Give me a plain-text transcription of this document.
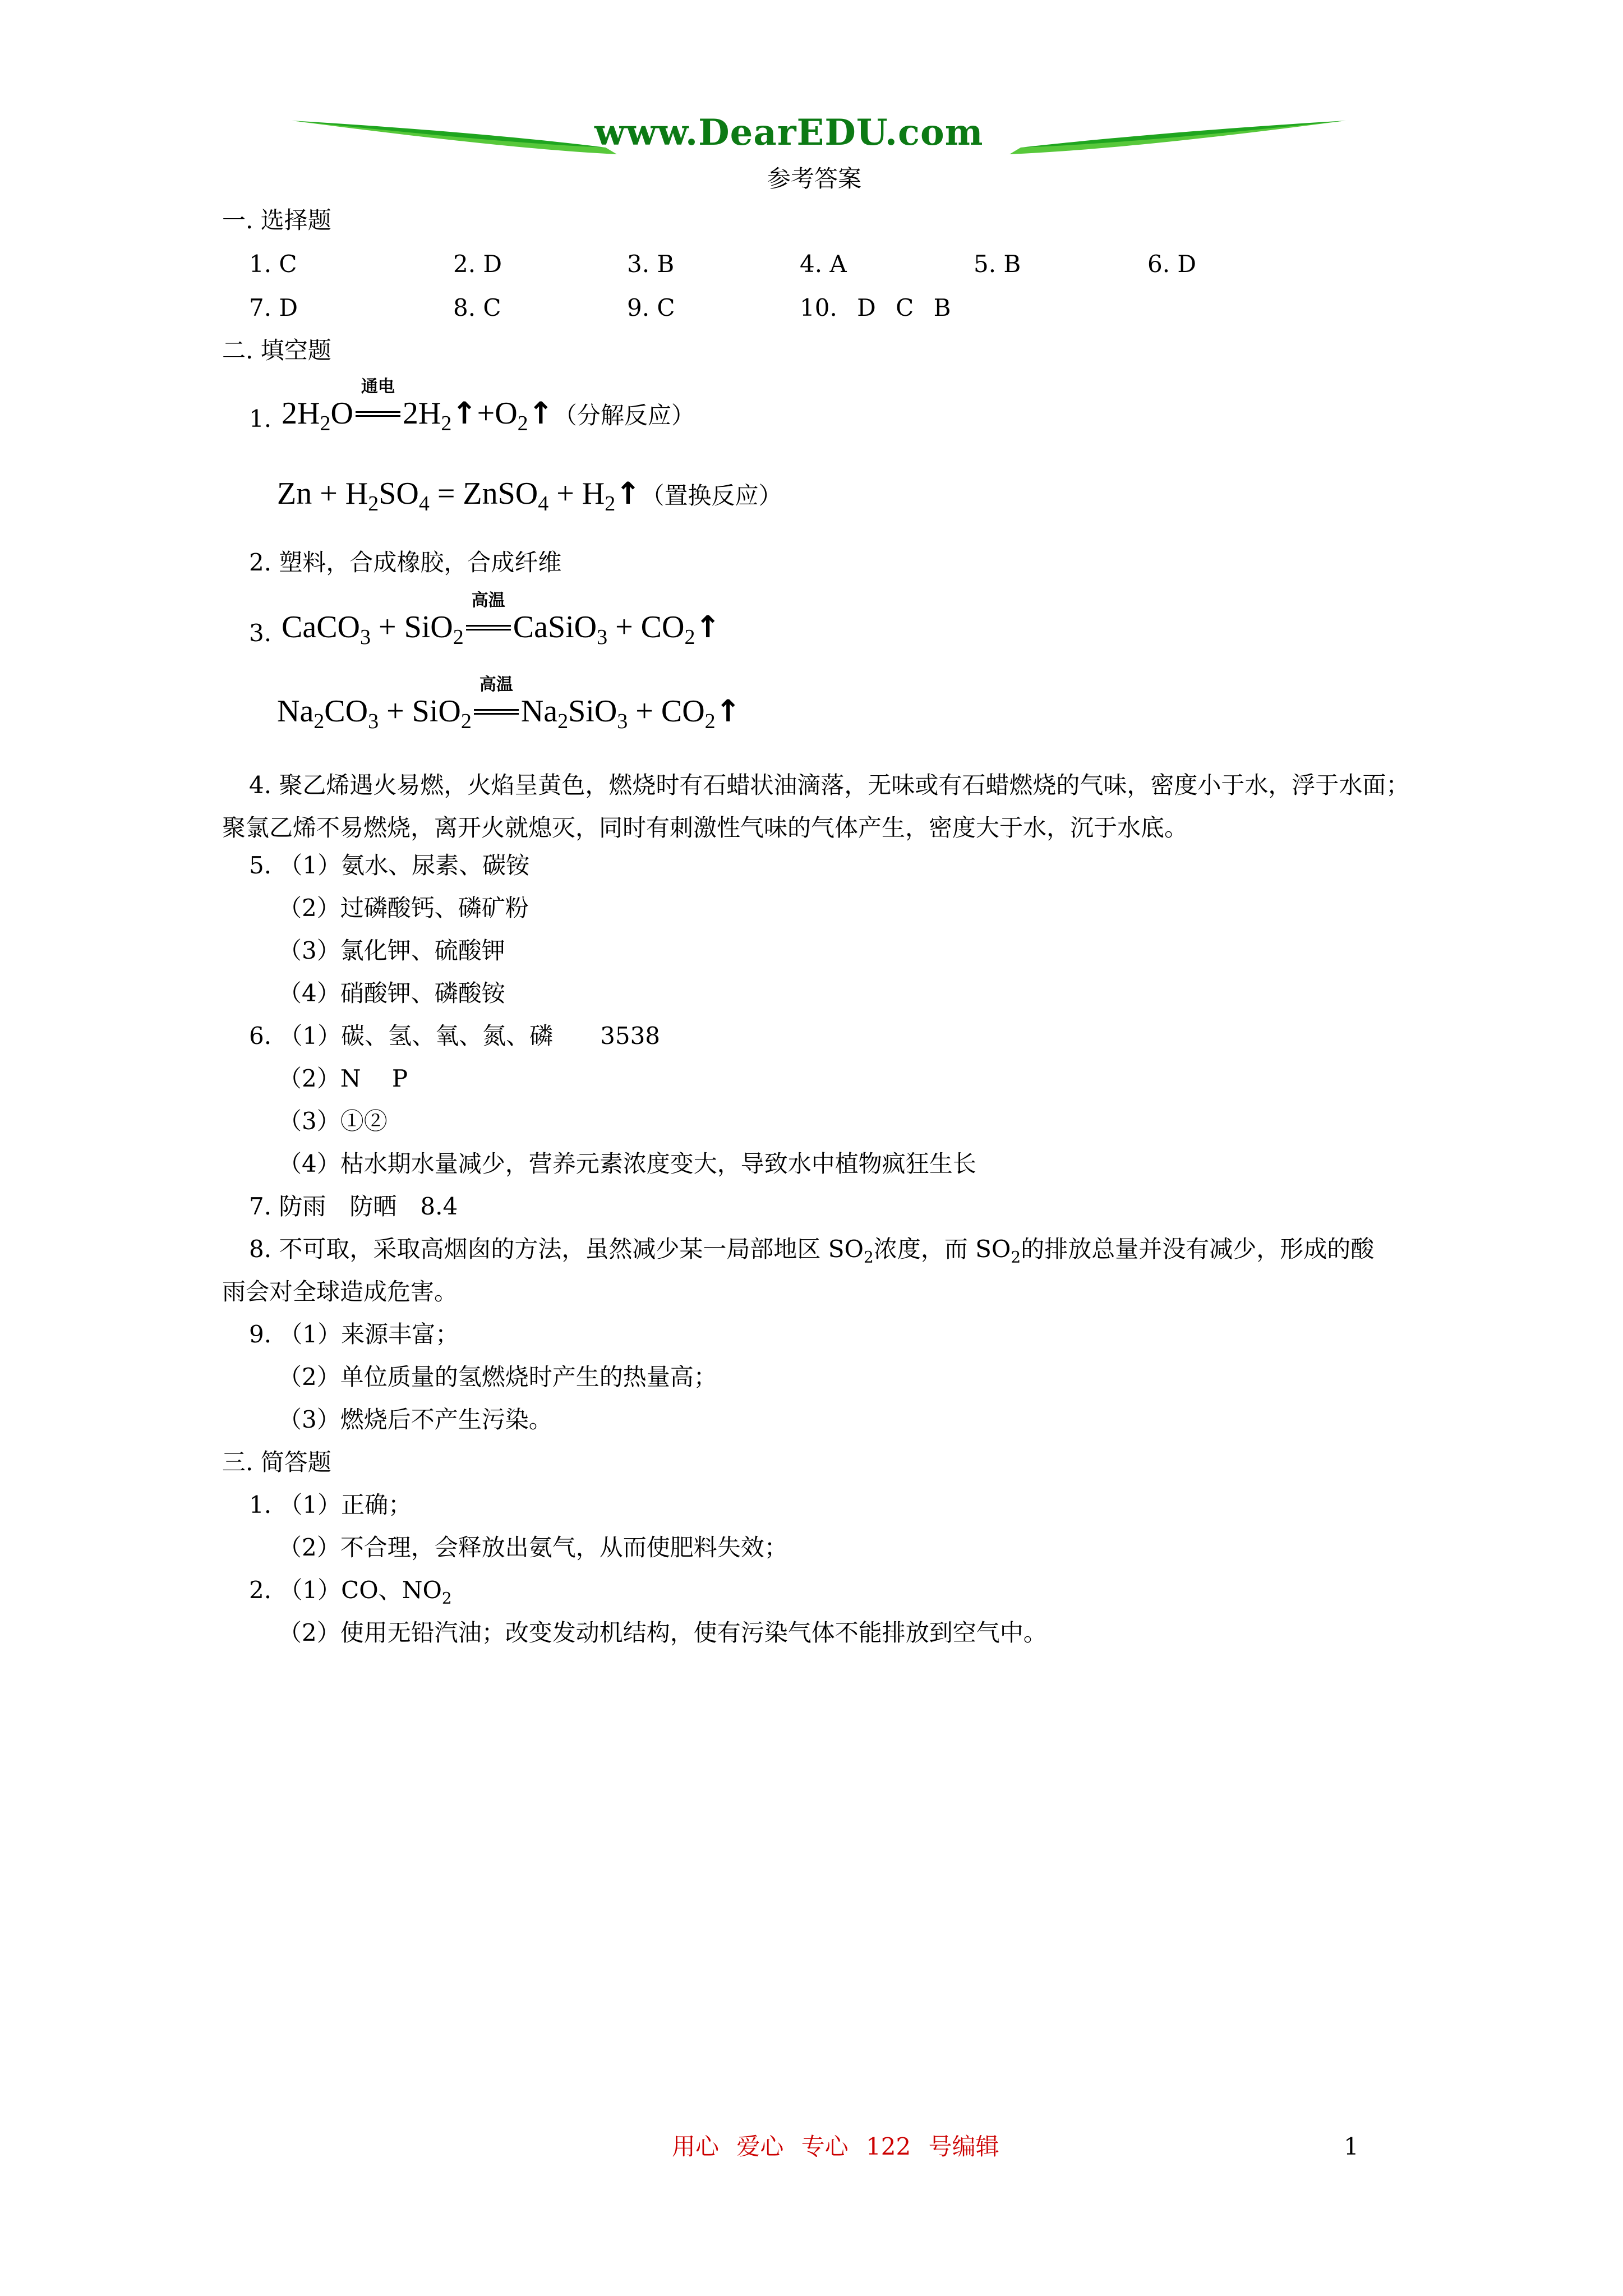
www.DearEDU.com
参考答案
一. 选择题
1. C	2. D	3. B	4. A	5. B	6. D
7. D	8. C	9. C	10. D C B
二. 填空题
1. $2H_2O$
通电
$2H_2↑+O_2↑$（分解反应）
$Zn + H_2SO_4$ = ZnSO$_4$ + $H_2↑$（置换反应）
2. 塑料，合成橡胶，合成纤维
3. CaCO$_3$ + SiO$_2$
高温
CaSiO$_3$ + $CO_2↑$
$Na_2CO_3 + SiO_2$
高温
$Na_2SiO_3$ + $CO_2↑$
4. 聚乙烯遇火易燃，火焰呈黄色，燃烧时有石蜡状油滴落，无味或有石蜡燃烧的气味，密度小于水，浮于水面；聚氯乙烯不易燃烧，离开火就熄灭，同时有刺激性气味的气体产生，密度大于水，沉于水底。
5. （1）氨水、尿素、碳铵
（2）过磷酸钙、磷矿粉
（3）氯化钾、硫酸钾
（4）硝酸钾、磷酸铵
6. （1）碳、氢、氧、氮、磷　　3538
（2）N　 P
（3）①②
（4）枯水期水量减少，营养元素浓度变大，导致水中植物疯狂生长
7. 防雨　防晒　8.4
8. 不可取，采取高烟囱的方法，虽然减少某一局部地区 $SO_2$浓度，而 $SO_2$的排放总量并没有减少，形成的酸
雨会对全球造成危害。
9. （1）来源丰富；
（2）单位质量的氢燃烧时产生的热量高；
（3）燃烧后不产生污染。
三. 简答题
1. （1）正确；
（2）不合理，会释放出氨气，从而使肥料失效；
2. （1）CO、$NO_2$
（2）使用无铅汽油；改变发动机结构，使有污染气体不能排放到空气中。
用心 爱心 专心 122 号编辑	1
